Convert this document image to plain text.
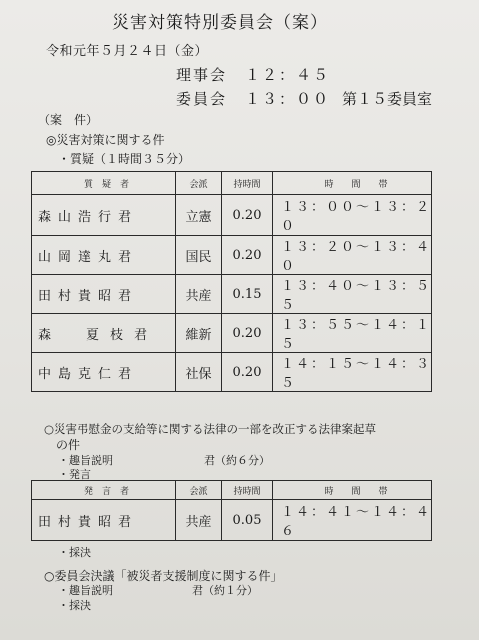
災害対策特別委員会（案）
令和元年５月２４日（金）
理事会 １２：４５
委員会 １３：００ 第１５委員室
（案　件）
◎災害対策に関する件
・質疑（１時間３５分）
質　疑　者	会派	持時間	時　　間　　帯
森山浩行君	立憲	0.20	１３：００～１３：２０
山岡達丸君	国民	0.20	１３：２０～１３：４０
田村貴昭君	共産	0.15	１３：４０～１３：５５
森　夏枝君	維新	0.20	１３：５５～１４：１５
中島克仁君	社保	0.20	１４：１５～１４：３５
○災害弔慰金の支給等に関する法律の一部を改正する法律案起草
の件
・趣旨説明	君（約６分）
・発言
発　言　者	会派	持時間	時　　間　　帯
田村貴昭君	共産	0.05	１４：４１～１４：４６
・採決
○委員会決議「被災者支援制度に関する件」
・趣旨説明	君（約１分）
・採決
